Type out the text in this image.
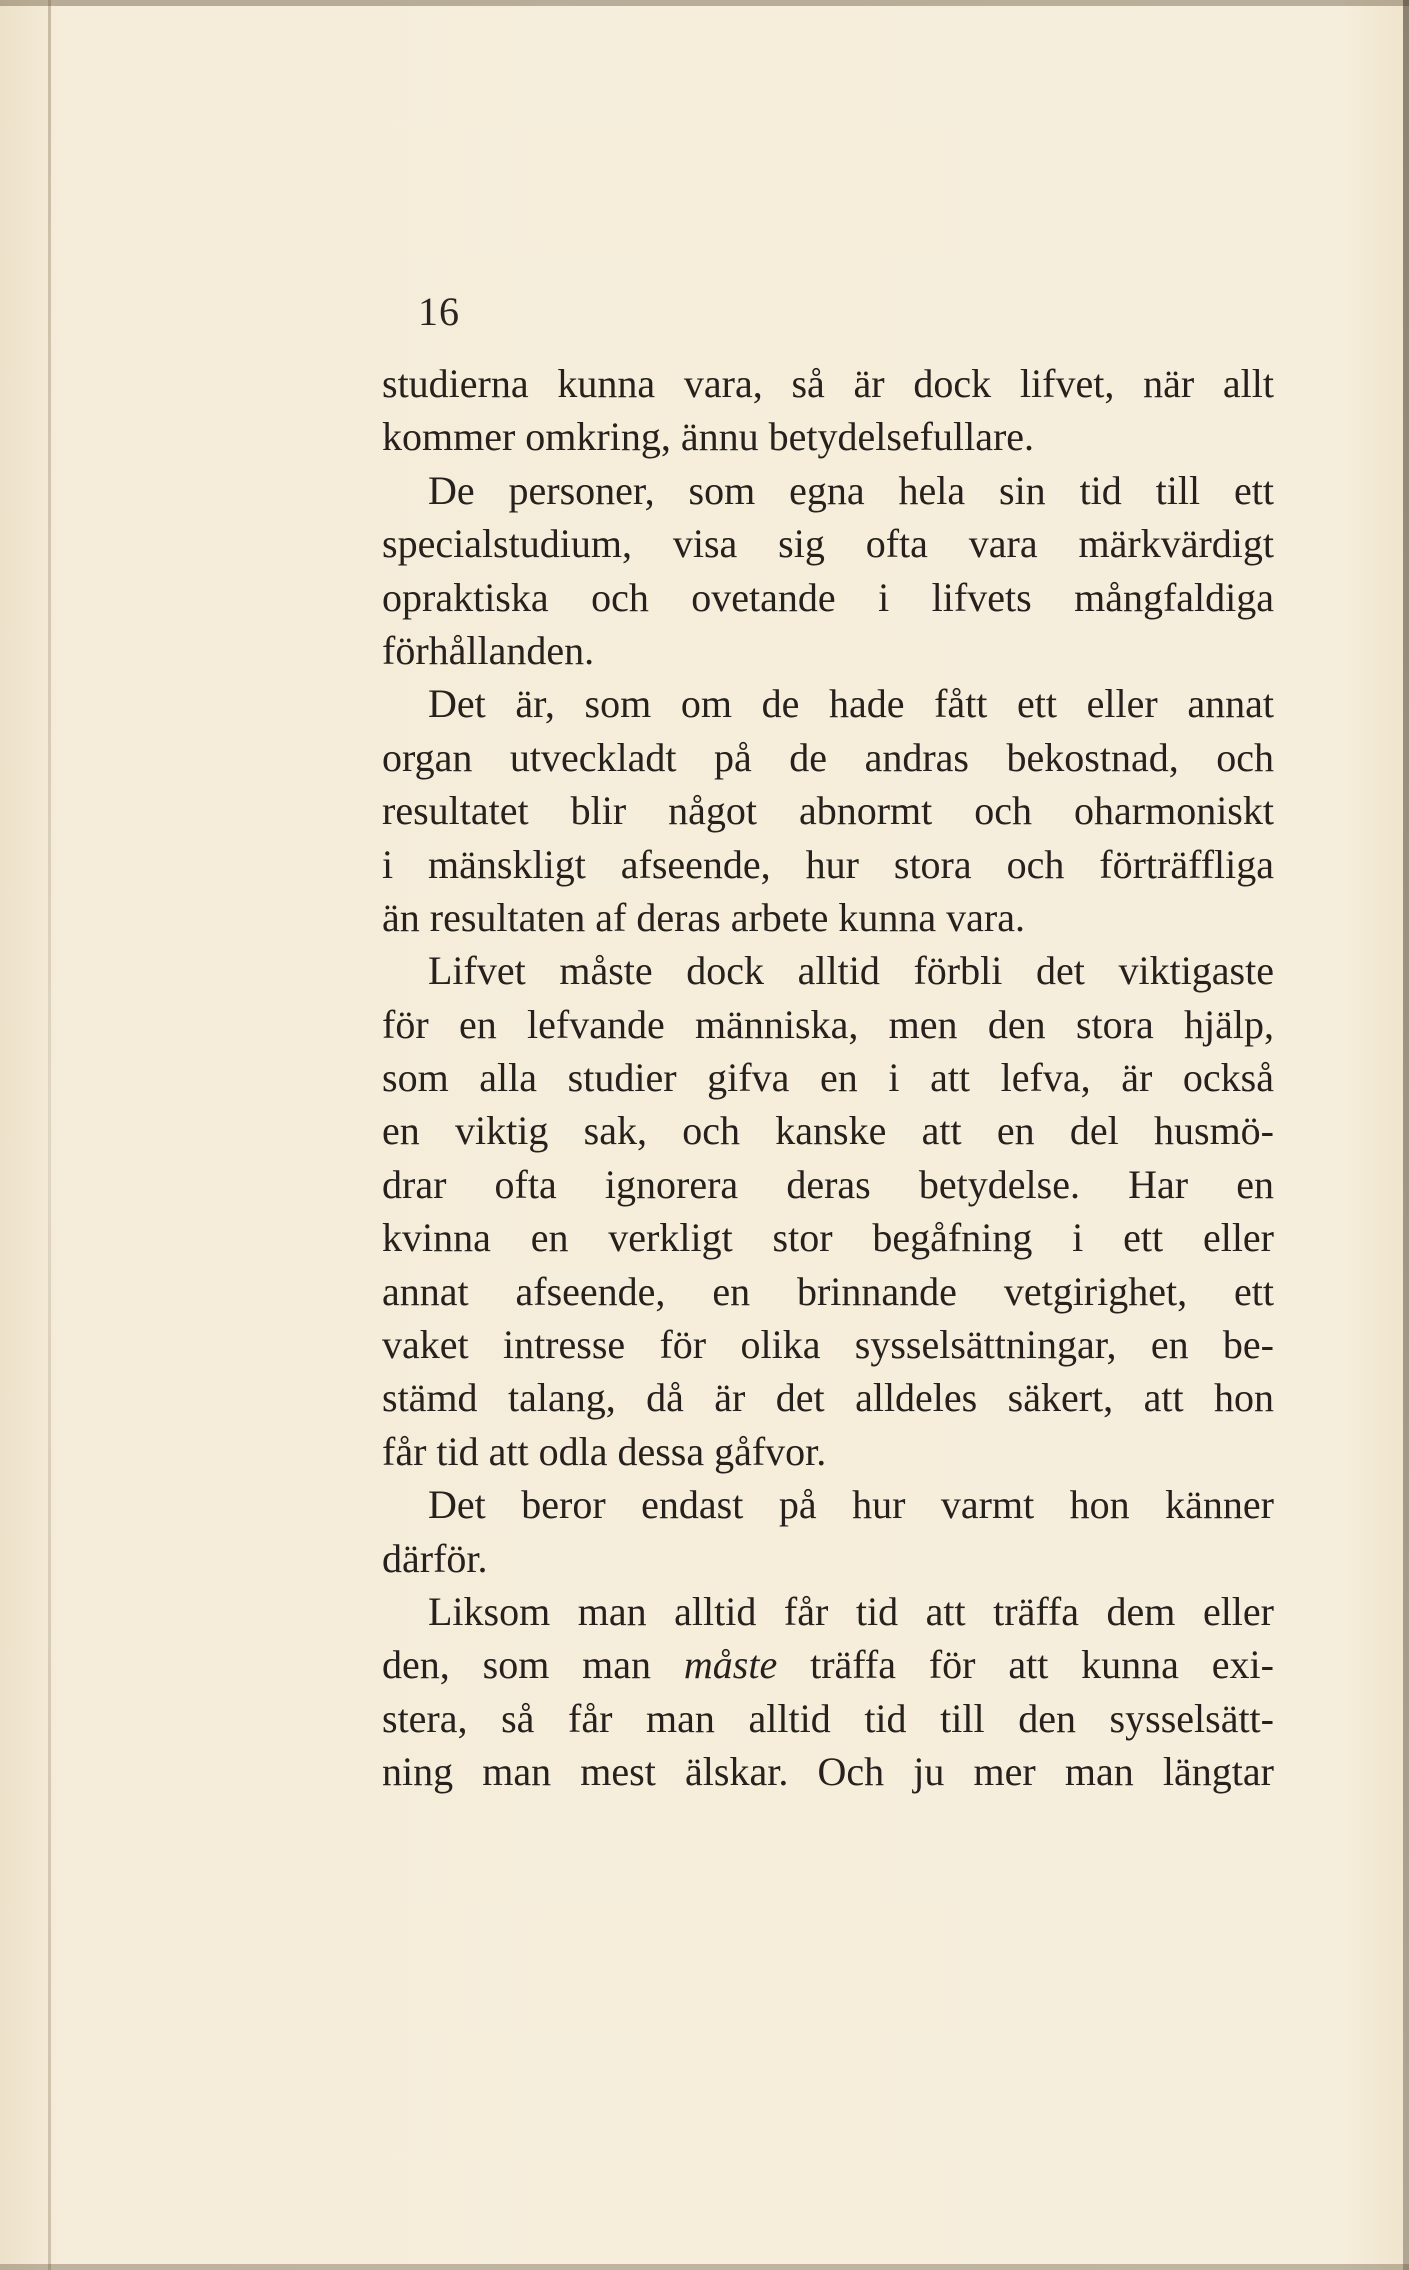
16
studierna kunna vara, så är dock lifvet, när allt
kommer omkring, ännu betydelsefullare.
De personer, som egna hela sin tid till ett
specialstudium, visa sig ofta vara märkvärdigt
opraktiska och ovetande i lifvets mångfaldiga
förhållanden.
Det är, som om de hade fått ett eller annat
organ utveckladt på de andras bekostnad, och
resultatet blir något abnormt och oharmoniskt
i mänskligt afseende, hur stora och förträffliga
än resultaten af deras arbete kunna vara.
Lifvet måste dock alltid förbli det viktigaste
för en lefvande människa, men den stora hjälp,
som alla studier gifva en i att lefva, är också
en viktig sak, och kanske att en del husmö-
drar ofta ignorera deras betydelse. Har en
kvinna en verkligt stor begåfning i ett eller
annat afseende, en brinnande vetgirighet, ett
vaket intresse för olika sysselsättningar, en be-
stämd talang, då är det alldeles säkert, att hon
får tid att odla dessa gåfvor.
Det beror endast på hur varmt hon känner
därför.
Liksom man alltid får tid att träffa dem eller
den, som man måste träffa för att kunna exi-
stera, så får man alltid tid till den sysselsätt-
ning man mest älskar. Och ju mer man längtar
